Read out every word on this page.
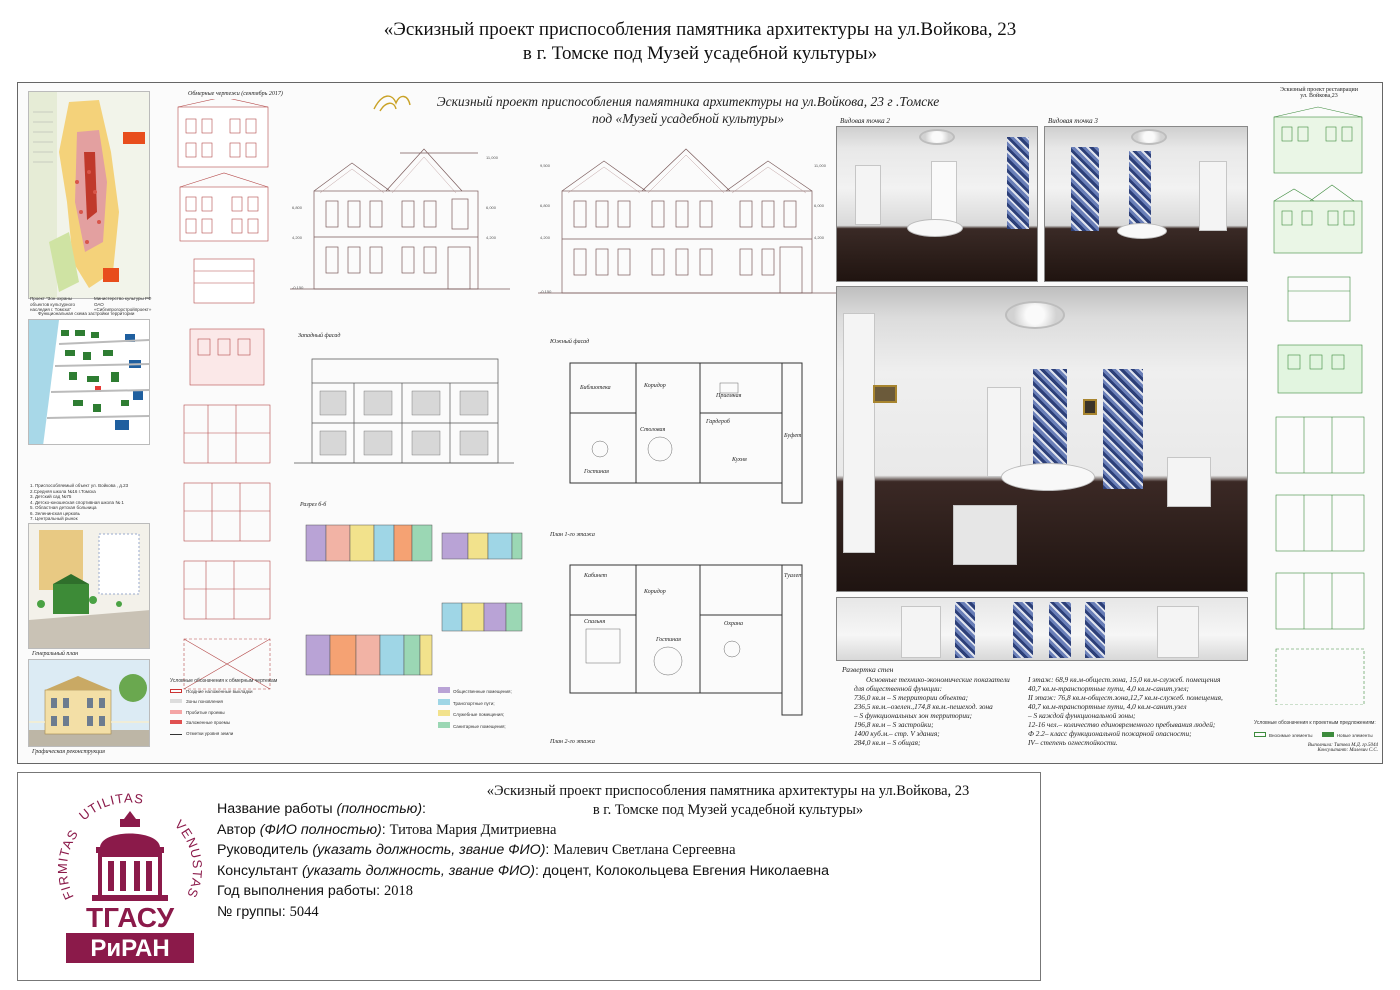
«Эскизный проект приспособления памятника архитектуры на ул.Войкова, 23
в г. Томске под Музей усадебной культуры»
Проект "Зон охраны объектов культурного наследия г. Томска"
Министерство культуры РФ ОАО «Сибгипрогорстройпроект»
Функциональная схема застройки территории
1. Приспособляемый объект ул. Войкова , д.23
2.Средняя школа №16 г.Томска
3. Детский сад №75
4. Детско-юношеская спортивная школа № 1
5. Областная детская больница
6. Зеленинская церковь
7. Центральный рынок
Генеральный план
Графическая реконструкция
Обмерные чертежи (сентябрь 2017)
Условные обозначения к обмерным чертежам
Поздние наложенные выкладки
Зоны поновления
Пробитые проемы
Заложенные проемы
Отметки уровня земли
Эскизный проект приспособления памятника архитектуры на ул.Войкова, 23 г .Томске
под «Музей усадебной культуры»
6,800
4,200
-0,150
11,000
6,000
4,200
Западный фасад
9,500
6,800
4,200
-0,150
11,000
6,000
4,200
Южный фасад
Разрез б-б
Библиотека	Коридор
Приемная
Гардероб
Столовая
Гостиная
Кухня
Буфет
План 1-го этажа
Кабинет
Коридор
Туалет
Спальня
Гостиная
Охрана
План 2-го этажа
Общественные помещения;
Транспортные пути;
Служебные помещения;
Санитарные помещения;
Видовая точка 2	Видовая точка 3
Развертка стен
Основные технико-экономические показатели
для общественной функции:
736,0 кв.м – S территории объекта;
236,5 кв.м.–озелен.,174,8 кв.м.-пешеход. зона
– S функциональных зон территории;
196,8 кв.м – S застройки;
1400 куб.м.– стр. V здания;
284,0 кв.м – S общая;
I этаж: 68,9 кв.м-общест.зона, 15,0 кв.м-служеб. помещения
40,7 кв.м-транспортные пути, 4,0 кв.м-санит.узел;
II этаж: 76,8 кв.м-общест.зона,12,7 кв.м-служеб. помещения,
40,7 кв.м-транспортные пути, 4,0 кв.м-санит.узел
– S каждой функциональной зоны;
12-16 чел.– количество единовременного пребывания людей;
Ф 2.2– класс функциональной пожарной опасности;
IV– степень огнестойкости.
Эскизный проект реставрации
ул. Войкова,23
Условные обозначения к проектным предложениям:
Вносимые элементы	Новые элементы
Выполнила: Титова М.Д. гр.5044
Консультант: Малевич С.С.
FIRMITAS
UTILITAS
VENUSTAS
ТГАСУ
РиРАН
«Эскизный проект приспособления памятника архитектуры на ул.Войкова, 23
в г. Томске под Музей усадебной культуры»
Название работы (полностью):
Автор (ФИО полностью): Титова Мария Дмитриевна
Руководитель (указать должность, звание ФИО): Малевич Светлана Сергеевна
Консультант (указать должность, звание ФИО): доцент, Колокольцева Евгения Николаевна
Год выполнения работы: 2018
№ группы: 5044
